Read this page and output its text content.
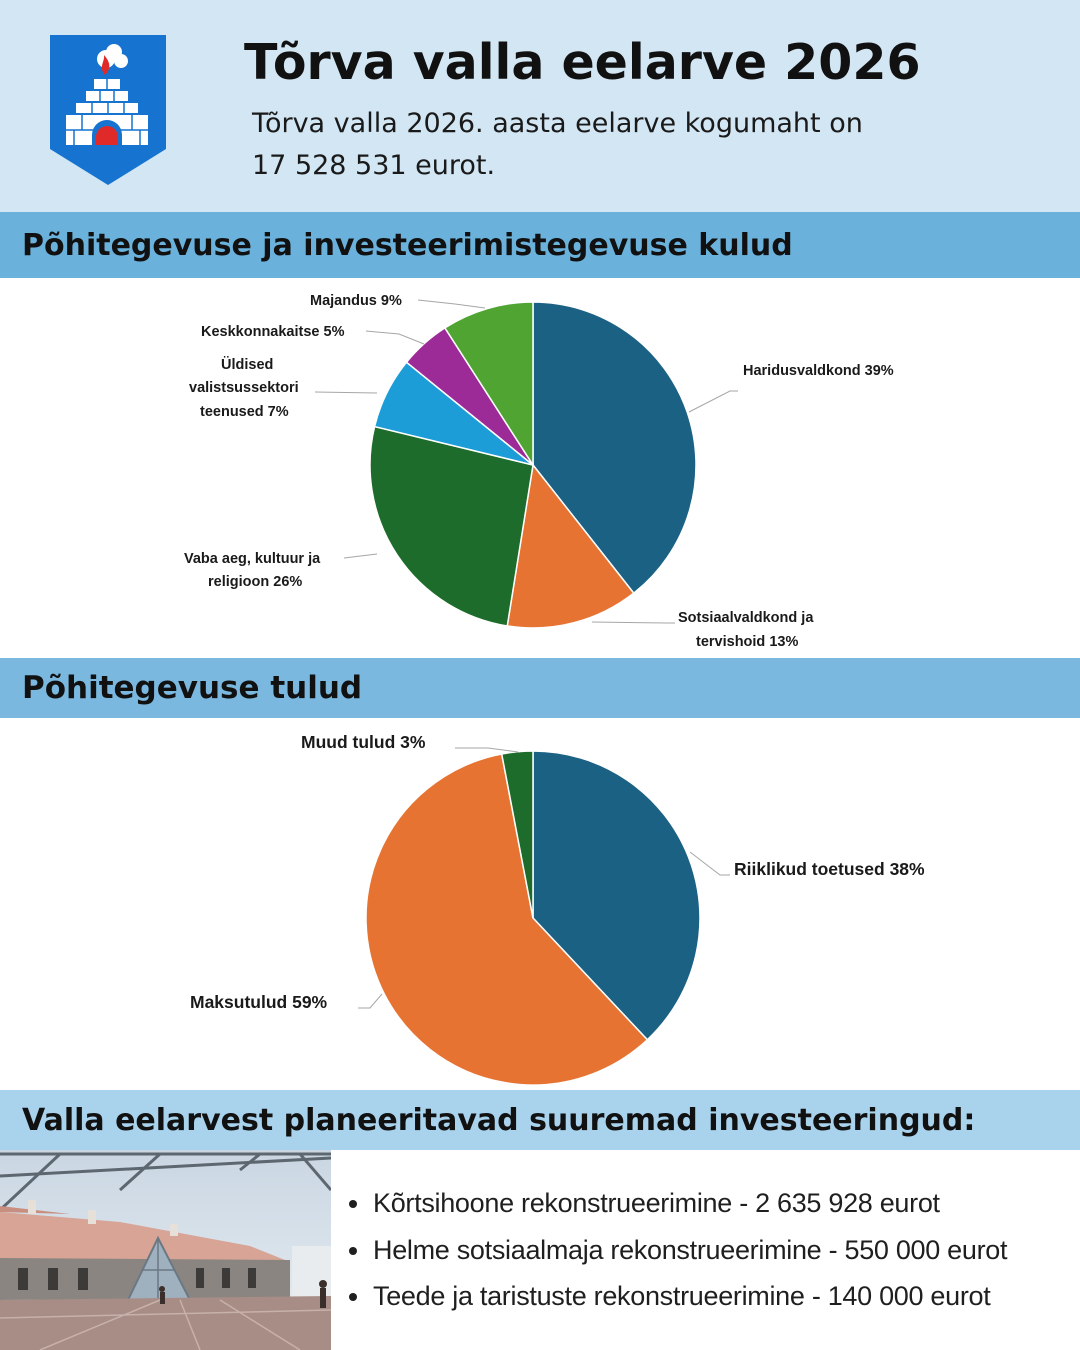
Tõrva valla eelarve 2026

Tõrva valla 2026. aasta eelarve kogumaht on

17 528 531 eurot.

Põhitegevuse ja investeerimistegevuse kulud
Haridusvaldkond 39%
Sotsiaalvaldkond ja
tervishoid 13%
Vaba aeg, kultuur ja
religioon 26%
Üldised
valistsussektori
teenused 7%
Keskkonnakaitse 5%
Majandus 9%
Põhitegevuse tulud
Riiklikud toetused 38%
Maksutulud 59%
Muud tulud 3%
Valla eelarvest planeeritavad suuremad investeeringud:
Kõrtsihoone rekonstrueerimine - 2 635 928 eurot
Helme sotsiaalmaja rekonstrueerimine - 550 000 eurot
Teede ja taristuste rekonstrueerimine - 140 000 eurot
